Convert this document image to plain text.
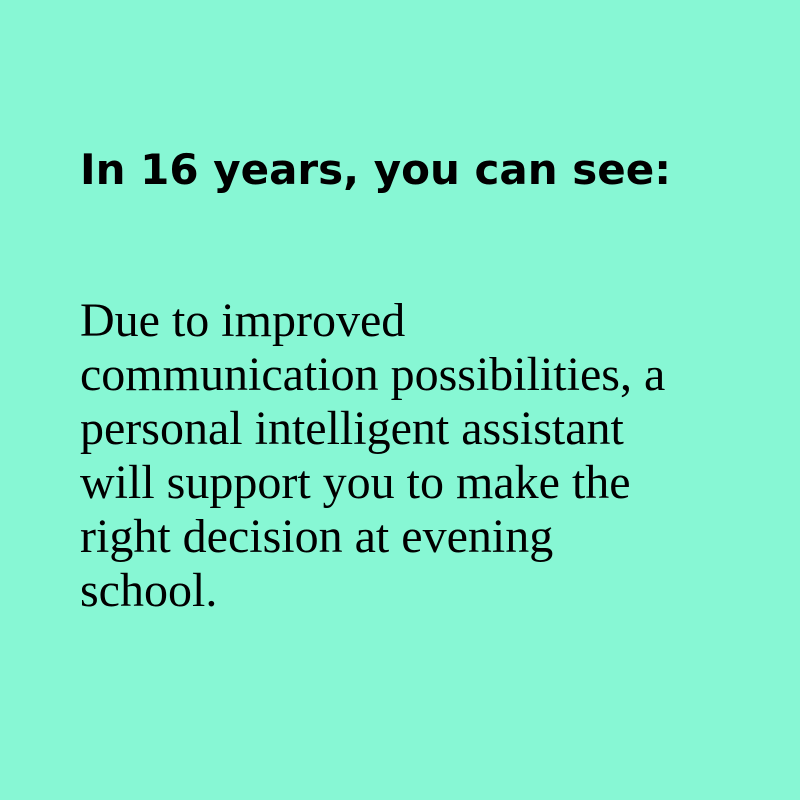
In 16 years, you can see:

Due to improved communication possibilities, a personal intelligent assistant will support you to make the right decision at evening school.
